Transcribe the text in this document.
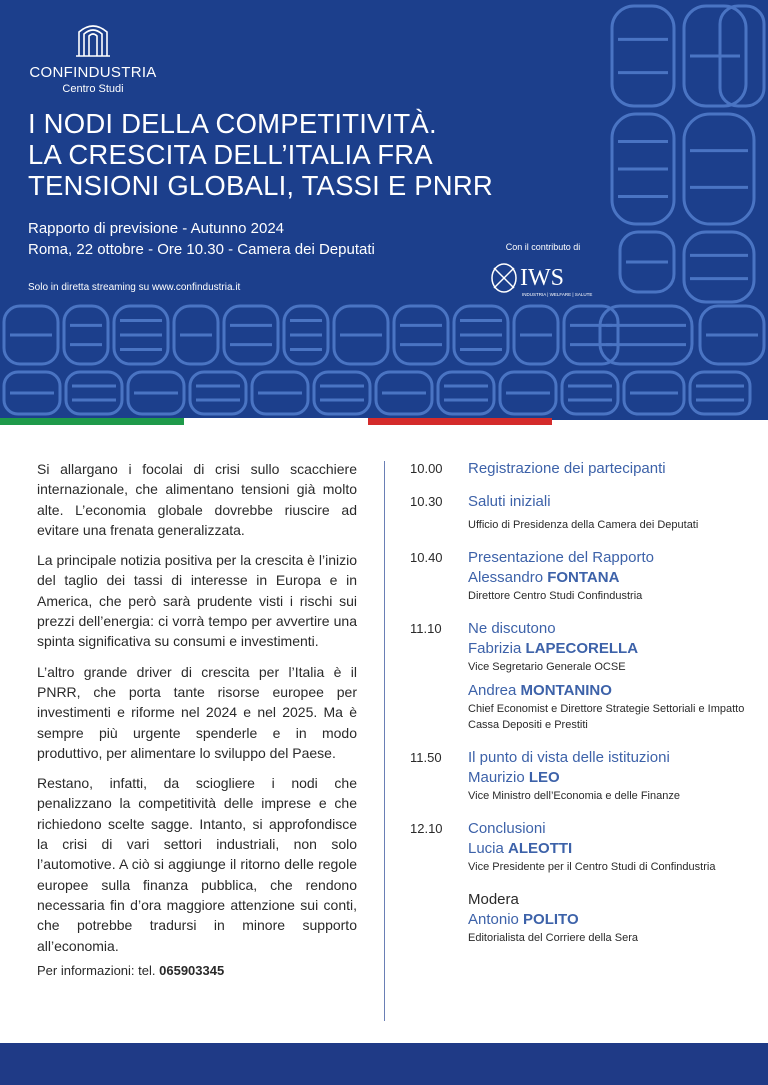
CONFINDUSTRIA
Centro Studi
I NODI DELLA COMPETITIVITÀ.
LA CRESCITA DELL’ITALIA FRA
TENSIONI GLOBALI, TASSI E PNRR
Rapporto di previsione - Autunno 2024
Roma, 22 ottobre - Ore 10.30 - Camera dei Deputati
Solo in diretta streaming su www.confindustria.it
Con il contributo di
IWS
INDUSTRIA | WELFARE | SALUTE

Si allargano i focolai di crisi sullo scacchiere internazionale, che alimentano tensioni già molto alte. L’economia globale dovrebbe riuscire ad evitare una frenata generalizzata.

La principale notizia positiva per la crescita è l’inizio del taglio dei tassi di interesse in Europa e in America, che però sarà prudente visti i rischi sui prezzi dell’energia: ci vorrà tempo per avvertire una spinta significativa su consumi e investimenti.

L’altro grande driver di crescita per l’Italia è il PNRR, che porta tante risorse europee per investimenti e riforme nel 2024 e nel 2025. Ma è sempre più urgente spenderle e in modo produttivo, per alimentare lo sviluppo del Paese.

Restano, infatti, da sciogliere i nodi che penalizzano la competitività delle imprese e che richiedono scelte sagge. Intanto, si approfondisce la crisi di vari settori industriali, non solo l’automotive. A ciò si aggiunge il ritorno delle regole europee sulla finanza pubblica, che rendono necessaria fin d’ora maggiore attenzione sui conti, che potrebbe tradursi in minore supporto all’economia.

Per informazioni: tel. 065903345
10.00 Registrazione dei partecipanti
10.30 Saluti iniziali
Ufficio di Presidenza della Camera dei Deputati
10.40 Presentazione del Rapporto
Alessandro FONTANA
Direttore Centro Studi Confindustria
11.10 Ne discutono
Fabrizia LAPECORELLA
Vice Segretario Generale OCSE
Andrea MONTANINO
Chief Economist e Direttore Strategie Settoriali e Impatto Cassa Depositi e Prestiti
11.50 Il punto di vista delle istituzioni
Maurizio LEO
Vice Ministro dell’Economia e delle Finanze
12.10 Conclusioni
Lucia ALEOTTI
Vice Presidente per il Centro Studi di Confindustria
Modera
Antonio POLITO
Editorialista del Corriere della Sera
